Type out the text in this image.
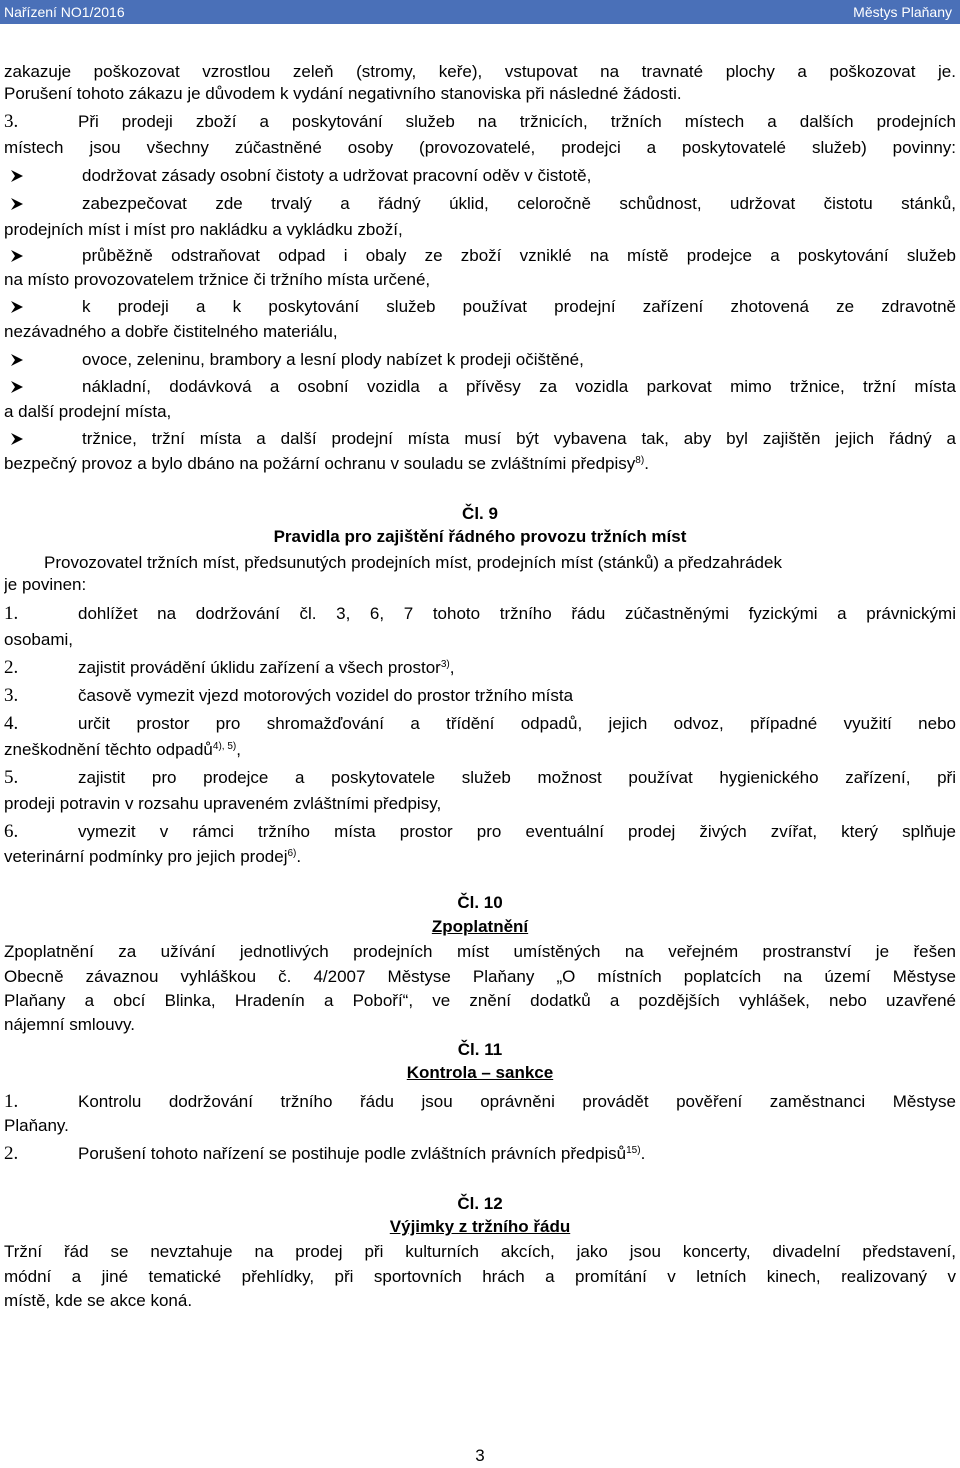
Nařízení NO1/2016	Městys Plaňany
zakazuje poškozovat vzrostlou zeleň (stromy, keře), vstupovat na travnaté plochy a poškozovat je.
Porušení tohoto zákazu je důvodem k vydání negativního stanoviska při následné žádosti.
3.	Při prodeji zboží a poskytování služeb na tržnicích, tržních místech a dalších prodejních
místech jsou všechny zúčastněné osoby (provozovatelé, prodejci a poskytovatelé služeb) povinny:
dodržovat zásady osobní čistoty a udržovat pracovní oděv v čistotě,
zabezpečovat zde trvalý a řádný úklid, celoročně schůdnost, udržovat čistotu stánků,
prodejních míst i míst pro nakládku a vykládku zboží,
průběžně odstraňovat odpad i obaly ze zboží vzniklé na místě prodejce a poskytování služeb
na místo provozovatelem tržnice či tržního místa určené,
k prodeji a k poskytování služeb používat prodejní zařízení zhotovená ze zdravotně
nezávadného a dobře čistitelného materiálu,
ovoce, zeleninu, brambory a lesní plody nabízet k prodeji očištěné,
nákladní, dodávková a osobní vozidla a přívěsy za vozidla parkovat mimo tržnice, tržní místa
a další prodejní místa,
tržnice, tržní místa a další prodejní místa musí být vybavena tak, aby byl zajištěn jejich řádný a
bezpečný provoz a bylo dbáno na požární ochranu v souladu se zvláštními předpisy$^{8)}$.
Čl. 9
Pravidla pro zajištění řádného provozu tržních míst
Provozovatel tržních míst, předsunutých prodejních míst, prodejních míst (stánků) a předzahrádek
je povinen:
1.	dohlížet na dodržování čl. 3, 6, 7 tohoto tržního řádu zúčastněnými fyzickými a právnickými
osobami,
2.	zajistit provádění úklidu zařízení a všech prostor$^{3)}$,
3.	časově vymezit vjezd motorových vozidel do prostor tržního místa
4.	určit prostor pro shromažďování a třídění odpadů, jejich odvoz, případné využití nebo
zneškodnění těchto odpadů$^{4), 5)}$,
5.	zajistit pro prodejce a poskytovatele služeb možnost používat hygienického zařízení, při
prodeji potravin v rozsahu upraveném zvláštními předpisy,
6.	vymezit v rámci tržního místa prostor pro eventuální prodej živých zvířat, který splňuje
veterinární podmínky pro jejich prodej$^{6)}$.
Čl. 10
Zpoplatnění
Zpoplatnění za užívání jednotlivých prodejních míst umístěných na veřejném prostranství je řešen
Obecně závaznou vyhláškou č. 4/2007 Městyse Plaňany „O místních poplatcích na území Městyse
Plaňany a obcí Blinka, Hradenín a Poboří“, ve znění dodatků a pozdějších vyhlášek, nebo uzavřené
nájemní smlouvy.
Čl. 11
Kontrola – sankce
1.	Kontrolu dodržování tržního řádu jsou oprávněni provádět pověření zaměstnanci Městyse
Plaňany.
2.	Porušení tohoto nařízení se postihuje podle zvláštních právních předpisů$^{15)}$.
Čl. 12
Výjimky z tržního řádu
Tržní řád se nevztahuje na prodej při kulturních akcích, jako jsou koncerty, divadelní představení,
módní a jiné tematické přehlídky, při sportovních hrách a promítání v letních kinech, realizovaný v
místě, kde se akce koná.
3
